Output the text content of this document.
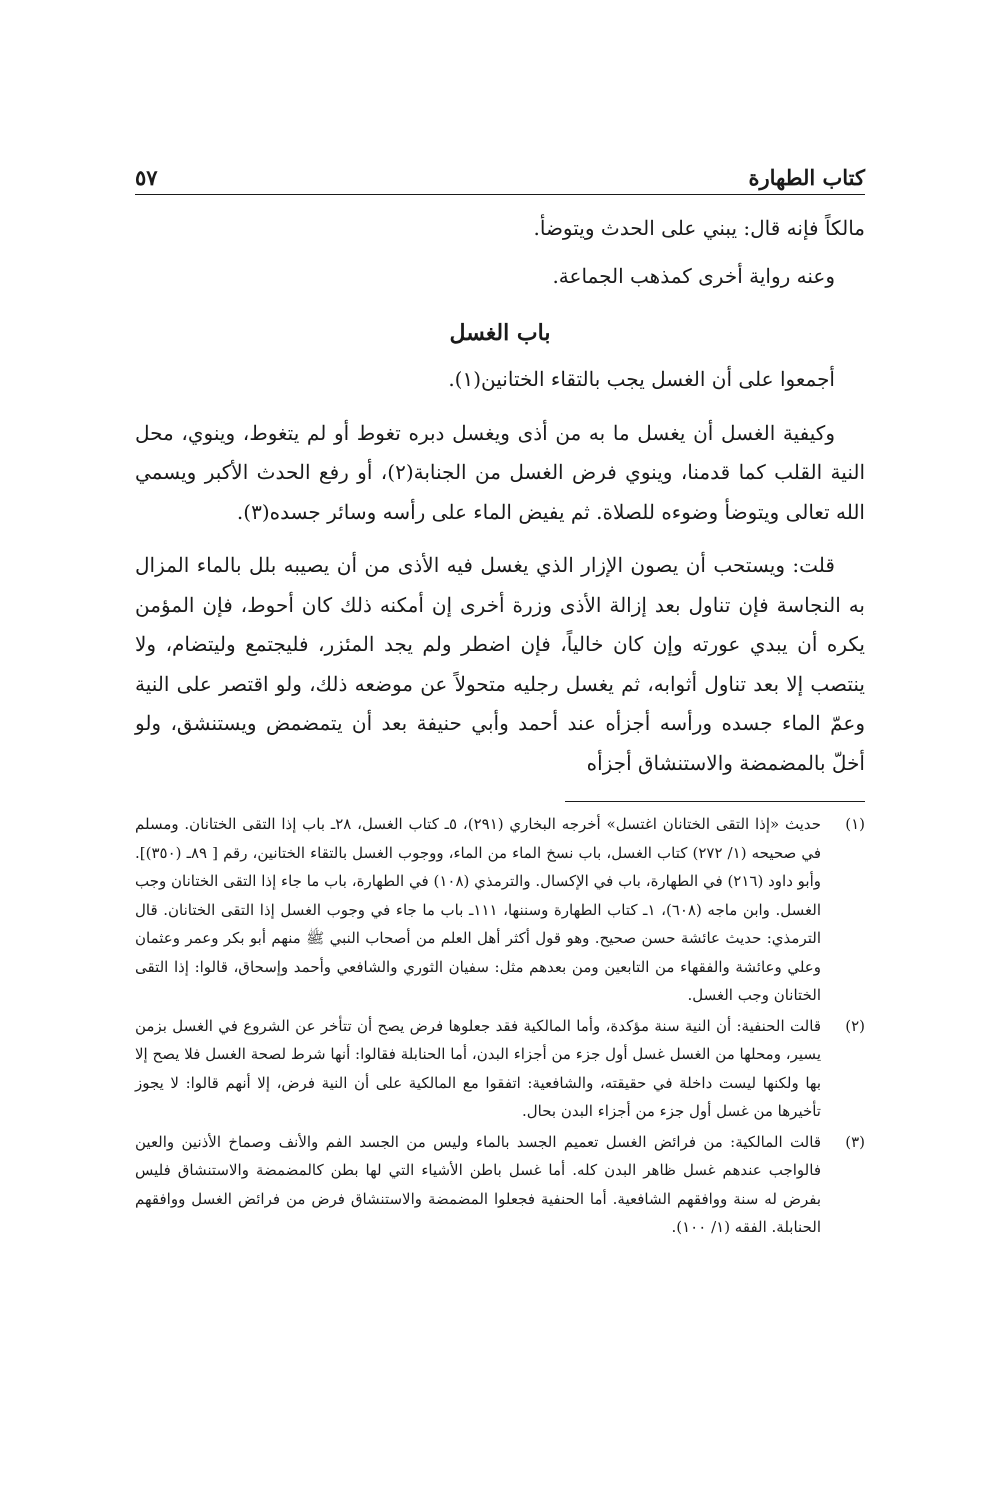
كتاب الطهارة
٥٧

مالكاً فإنه قال: يبني على الحدث ويتوضأ.

وعنه رواية أخرى كمذهب الجماعة.

باب الغسل

أجمعوا على أن الغسل يجب بالتقاء الختانين(١).

وكيفية الغسل أن يغسل ما به من أذى ويغسل دبره تغوط أو لم يتغوط، وينوي، محل النية القلب كما قدمنا، وينوي فرض الغسل من الجنابة(٢)، أو رفع الحدث الأكبر ويسمي الله تعالى ويتوضأ وضوءه للصلاة. ثم يفيض الماء على رأسه وسائر جسده(٣).

قلت: ويستحب أن يصون الإزار الذي يغسل فيه الأذى من أن يصيبه بلل بالماء المزال به النجاسة فإن تناول بعد إزالة الأذى وزرة أخرى إن أمكنه ذلك كان أحوط، فإن المؤمن يكره أن يبدي عورته وإن كان خالياً، فإن اضطر ولم يجد المئزر، فليجتمع وليتضام، ولا ينتصب إلا بعد تناول أثوابه، ثم يغسل رجليه متحولاً عن موضعه ذلك، ولو اقتصر على النية وعمّ الماء جسده ورأسه أجزأه عند أحمد وأبي حنيفة بعد أن يتمضمض ويستنشق، ولو أخلّ بالمضمضة والاستنشاق أجزأه

(١)
حديث «إذا التقى الختانان اغتسل» أخرجه البخاري (٢٩١)، ٥ـ كتاب الغسل، ٢٨ـ باب إذا التقى الختانان. ومسلم في صحيحه (١/ ٢٧٢) كتاب الغسل، باب نسخ الماء من الماء، ووجوب الغسل بالتقاء الختانين، رقم [ ٨٩ـ (٣٥٠)]. وأبو داود (٢١٦) في الطهارة، باب في الإكسال. والترمذي (١٠٨) في الطهارة، باب ما جاء إذا التقى الختانان وجب الغسل. وابن ماجه (٦٠٨)، ١ـ كتاب الطهارة وسننها، ١١١ـ باب ما جاء في وجوب الغسل إذا التقى الختانان. قال الترمذي: حديث عائشة حسن صحيح. وهو قول أكثر أهل العلم من أصحاب النبي ﷺ منهم أبو بكر وعمر وعثمان وعلي وعائشة والفقهاء من التابعين ومن بعدهم مثل: سفيان الثوري والشافعي وأحمد وإسحاق، قالوا: إذا التقى الختانان وجب الغسل.
(٢)
قالت الحنفية: أن النية سنة مؤكدة، وأما المالكية فقد جعلوها فرض يصح أن تتأخر عن الشروع في الغسل بزمن يسير، ومحلها من الغسل غسل أول جزء من أجزاء البدن، أما الحنابلة فقالوا: أنها شرط لصحة الغسل فلا يصح إلا بها ولكنها ليست داخلة في حقيقته، والشافعية: اتفقوا مع المالكية على أن النية فرض، إلا أنهم قالوا: لا يجوز تأخيرها من غسل أول جزء من أجزاء البدن بحال.
(٣)
قالت المالكية: من فرائض الغسل تعميم الجسد بالماء وليس من الجسد الفم والأنف وصماخ الأذنين والعين فالواجب عندهم غسل ظاهر البدن كله. أما غسل باطن الأشياء التي لها بطن كالمضمضة والاستنشاق فليس بفرض له سنة ووافقهم الشافعية. أما الحنفية فجعلوا المضمضة والاستنشاق فرض من فرائض الغسل ووافقهم الحنابلة. الفقه (١/ ١٠٠).
